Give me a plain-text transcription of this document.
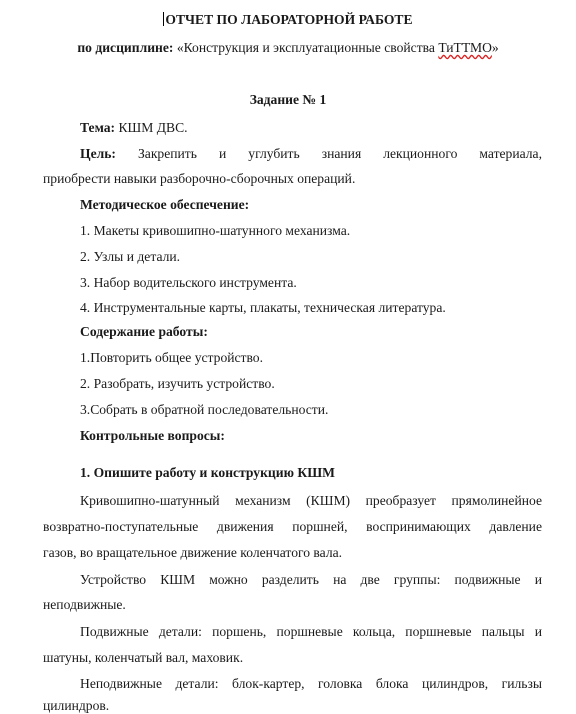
ОТЧЕТ ПО ЛАБОРАТОРНОЙ РАБОТЕ
по дисциплине: «Конструкция и эксплуатационные свойства ТиТТМО»
Задание № 1
Тема: КШМ ДВС.
Цель: Закрепить и углубить знания лекционного материала,
приобрести навыки разборочно-сборочных операций.
Методическое обеспечение:
1. Макеты кривошипно-шатунного механизма.
2. Узлы и детали.
3. Набор водительского инструмента.
4. Инструментальные карты, плакаты, техническая литература.
Содержание работы:
1.Повторить общее устройство.
2. Разобрать, изучить устройство.
3.Собрать в обратной последовательности.
Контрольные вопросы:
1. Опишите работу и конструкцию КШМ
Кривошипно-шатунный механизм (КШМ) преобразует прямолинейное
возвратно-поступательные движения поршней, воспринимающих давление
газов, во вращательное движение коленчатого вала.
Устройство КШМ можно разделить на две группы: подвижные и
неподвижные.
Подвижные детали: поршень, поршневые кольца, поршневые пальцы и
шатуны, коленчатый вал, маховик.
Неподвижные детали: блок-картер, головка блока цилиндров, гильзы
цилиндров.
